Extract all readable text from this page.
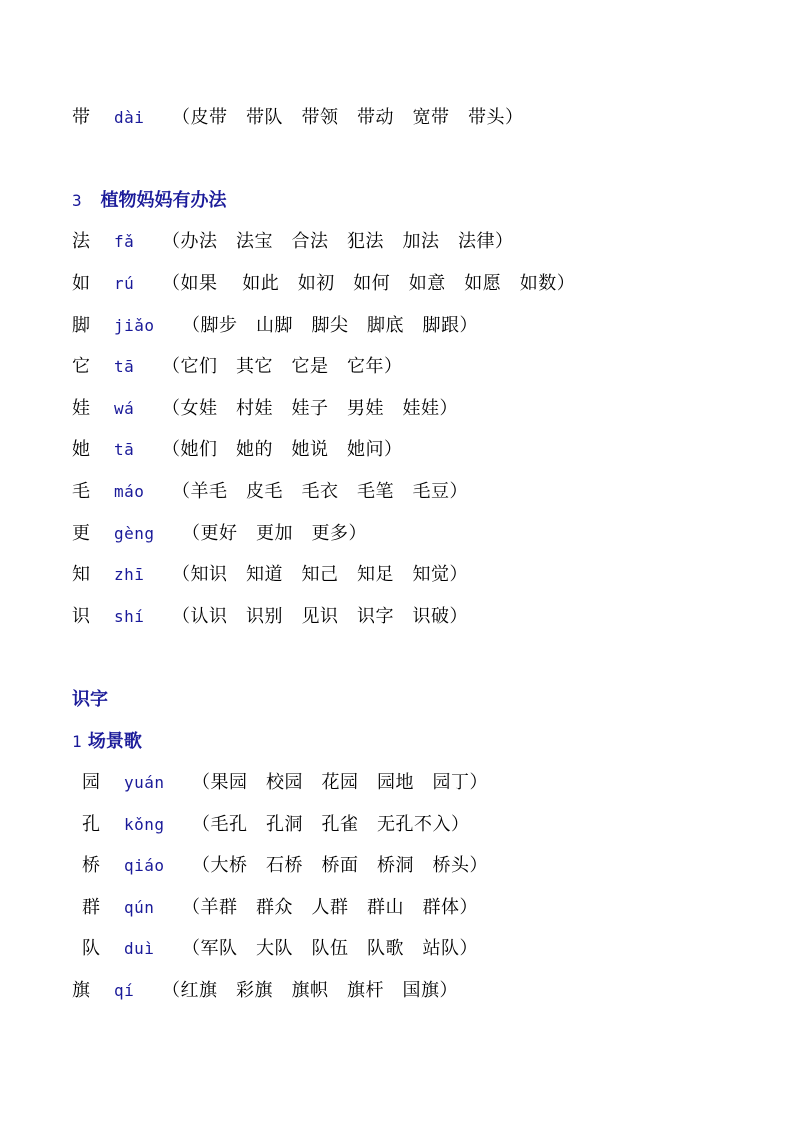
带

dài

（皮带　带队　带领　带动　宽带　带头）

3 植物妈妈有办法

法

fǎ

（办法　法宝　合法　犯法　加法　法律）

如

rú

（如果　 如此　如初　如何　如意　如愿　如数）

脚

jiǎo

（脚步　山脚　脚尖　脚底　脚跟）

它

tā

（它们　其它　它是　它年）

娃

wá

（女娃　村娃　娃子　男娃　娃娃）

她

tā

（她们　她的　她说　她问）

毛

máo

（羊毛　皮毛　毛衣　毛笔　毛豆）

更

gèng

（更好　更加　更多）

知

zhī

（知识　知道　知己　知足　知觉）

识

shí

（认识　识别　见识　识字　识破）

识字
1 场景歌

园

yuán

（果园　校园　花园　园地　园丁）

孔

kǒng

（毛孔　孔洞　孔雀　无孔不入）

桥

qiáo

（大桥　石桥　桥面　桥洞　桥头）

群

qún

（羊群　群众　人群　群山　群体）

队

duì

（军队　大队　队伍　队歌　站队）

旗

qí

（红旗　彩旗　旗帜　旗杆　国旗）
